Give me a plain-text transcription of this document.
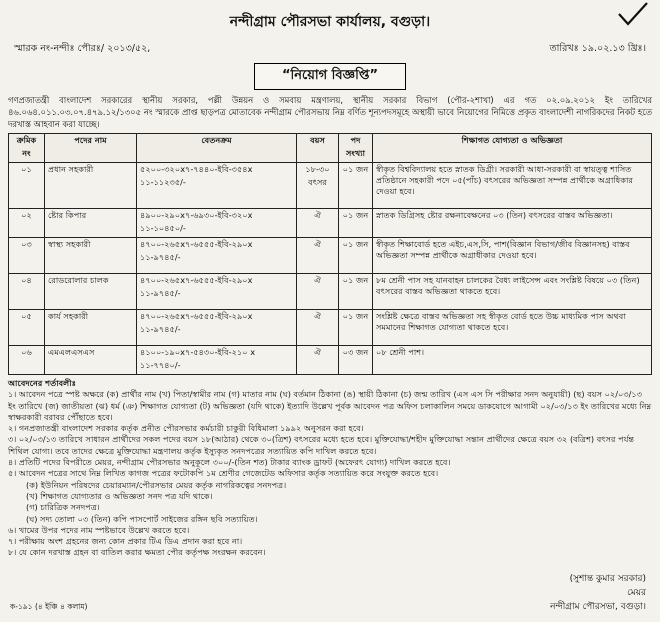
নন্দীগ্রাম পৌরসভা কার্যালয়, বগুড়া।
স্মারক নং-নন্দীঃ পৌরঃ/ ২০১৩/৫২,	তারিখঃ ১৯.০২.১৩ খ্রিঃ।
“নিয়োগ বিজ্ঞপ্তি”
গণপ্রজাতন্ত্রী বাংলাদেশ সরকারের স্থানীয় সরকার, পল্লী উন্নয়ন ও সমবায় মন্ত্রণালয়, স্থানীয় সরকার বিভাগ (পৌর-২শাখা) এর গত ০২.০৯.২০১২ ইং তারিখের ৪৬.০৬৪.০১১.০৩.০৭.৪৭৯.১২/১৩০৫ নং স্মারকে প্রাপ্ত ছাড়পত্র মোতাবেক নন্দীগ্রাম পৌরসভায় নিম্ন বর্ণিত শূন্যপদসমূহে অস্থায়ী ভাবে নিয়োগের নিমিত্তে প্রকৃত বাংলাদেশী নাগরিকদের নিকট হতে দরখাস্ত আহবান করা যাচ্ছে।
ক্রমিক নং	পদের নাম	বেতনক্রম	বয়স	পদ সংখ্যা	শিক্ষাগত যোগ্যতা ও অভিজ্ঞতা
০১	প্রধান সহকারী	৫২০০-৩২০x৭-৭৪৪০-ইবি-৩৫৪x ১১-১১২৩৫/-	১৮-৩০ বৎসর	০১ জন	স্বীকৃত বিশ্ববিদ্যালয় হতে স্নাতক ডিগ্রী। সরকারী আধা-সরকারী বা স্বায়ত্ত্ব শাসিত প্রতিষ্ঠানে সহকারী পদে ০৫(পাঁচ) বৎসরের অভিজ্ঞতা সম্পন্ন প্রার্থীকে অগ্রাধিকার দেওয়া হবে।
০২	ষ্টোর কিপার	৪৯০০-২৯০x৭-৬৯৩০-ইবি-৩২০x ১১-১০৪৫০/-	ঐ	০১ জন	স্নাতক ডিগ্রিসহ ষ্টোর রক্ষনাবেক্ষনের ০৩ (তিন) বৎসরের বাস্তব অভিজ্ঞতা।
০৩	স্বাস্থ্য সহকারী	৪৭০০-২৬৫x৭-৬৫৫৫-ইবি-২৯০x ১১-৯৭৪৫/-	ঐ	০১ জন	স্বীকৃত শিক্ষাবোর্ড হতে এইচ,এস,সি, পাশ(বিজ্ঞান বিভাগ/জীব বিজ্ঞানসহ) বাস্তব অভিজ্ঞতা সম্পন্ন প্রার্থীকে অগ্রাধীকার দেওয়া হবে।
০৪	রোডরোলার চালক	৪৭০০-২৬৫x৭-৬৫৫৫-ইবি-২৯০x ১১-৯৭৪৫/-	ঐ	০১ জন	৮ম শ্রেনী পাস সহ যানবাহন চালকের বৈধ্য লাইসেন্স এবং সংশ্লিষ্ট বিষয়ে ০৩ (তিন) বৎসরের বাস্তব অভিজ্ঞতা থাকতে হবে।
০৫	কার্য সহকারী	৪৭০০-২৬৫x৭-৬৫৫৫-ইবি-২৯০x ১১-৯৭৪৫/-	ঐ	০১ জন	সংশ্লিষ্ট ক্ষেত্রে বাস্তব অভিজ্ঞতা সহ স্বীকৃত বোর্ড হতে উচ্চ মাধ্যমিক পাস অথবা সমমানের শিক্ষাগত যোগ্যতা থাকতে হবে।
০৬	এমএলএসএস	৪১০০-১৯০x৭-৫৪৩০-ইবি-২১০ x ১১-৭৭৪০/-	ঐ	০৩ জন	০৮ শ্রেনী পাশ।

আবেদনের শর্তাবলীঃ

১। আবেদন পত্রে স্পষ্ট অক্ষরে (ক) প্রার্থীর নাম (খ) পিতা/স্বামীর নাম (গ) মাতার নাম (ঘ) বর্তমান ঠিকানা (ঙ) স্থায়ী ঠিকানা (চ) জন্ম তারিখ (এস এস সি পরীক্ষার সনদ অনুযায়ী) (ছ) বয়স ০২/০৩/১৩ ইং তারিখে (জ) জাতীয়তা (ঝ) ধর্ম (ঞ) শিক্ষাগত যোগ্যতা (ট) অভিজ্ঞতা (যদি থাকে) ইত্যাদি উল্লেখ পূর্বক আবেদন পত্র অফিস চলাকালিন সময়ে ডাকযোগে আগামী ০২/০৩/১৩ ইং তারিখের মধ্যে নিম্ন স্বাক্ষরকারী বরাবর পৌঁছাতে হবে।

২। গনপ্রজাতন্ত্রী বাংলাদেশ সরকার কর্তৃক প্রনীত পৌরসভার কর্মচারী চাকুরী বিধিমালা ১৯৯২ অনুসরন করা হবে।

৩। ০২/০৩/১৩ তারিখে সাধারন প্রার্থীদের সকল পদের বয়স ১৮(আঠার) থেকে ৩০(ত্রিশ) বৎসরের মধ্যে হতে হবে। মুক্তিযোদ্ধা/শহীদ মুক্তিযোদ্ধা সন্তান প্রার্থীদের ক্ষেত্রে বয়স ৩২ (বত্রিশ) বৎসর পর্যন্ত শিথিল যোগ্য। তবে তাদের ক্ষেত্রে মুক্তিযোদ্ধা মন্ত্রণালয় কর্তৃক ইস্যুকৃত সনদপত্রের সত্যায়িত কপি দাখিল করতে হবে।

৪। প্রতিটি পদের বিপরীতে মেয়র, নন্দীগ্রাম পৌরসভার অনুকূলে ৩০০/-(তিন শত) টাকার ব্যাংক ড্রাফট (অফেরৎ যোগ্য) দাখিল করতে হবে।

৫। আবেদন পত্রের সাথে নিম্ন লিখিত কাগজ পত্রের ফটোকপি ১ম শ্রেণীর গেজেটেড অফিসার কর্তৃক সত্যায়িত করে সংযুক্ত করতে হবে।

(ক) ইউনিয়ন পরিষদের চেয়ারম্যান/পৌরসভার মেয়র কর্তৃক নাগরিকত্বের সনদপত্র।

(খ) শিক্ষাগত যোগ্যতার ও অভিজ্ঞতা সনদ পত্র যদি থাকে।

(গ) চারিত্রিক সনদপত্র।

(ঘ) সদ্য তোলা ০৩ (তিন) কপি পাসপোর্ট সাইজের রঙ্গিন ছবি সত্যায়িত।

৬। খামের উপর পদের নাম স্পষ্টভাবে উল্লেখ করতে হবে।

৭। পরীক্ষায় অংশ গ্রহনের জন্য কোন প্রকার টিএ ডিএ প্রদান করা হবে না।

৮। যে কোন দরখাস্ত গ্রহন বা বাতিল করার ক্ষমতা পৌর কর্তৃপক্ষ সংরক্ষন করবেন।

(সুশান্ত কুমার সরকার)
মেয়র
নন্দীগ্রাম পৌরসভা, বগুড়া।
ক-১৯১ (৪ ইঞ্চি ৪ কলাম)
